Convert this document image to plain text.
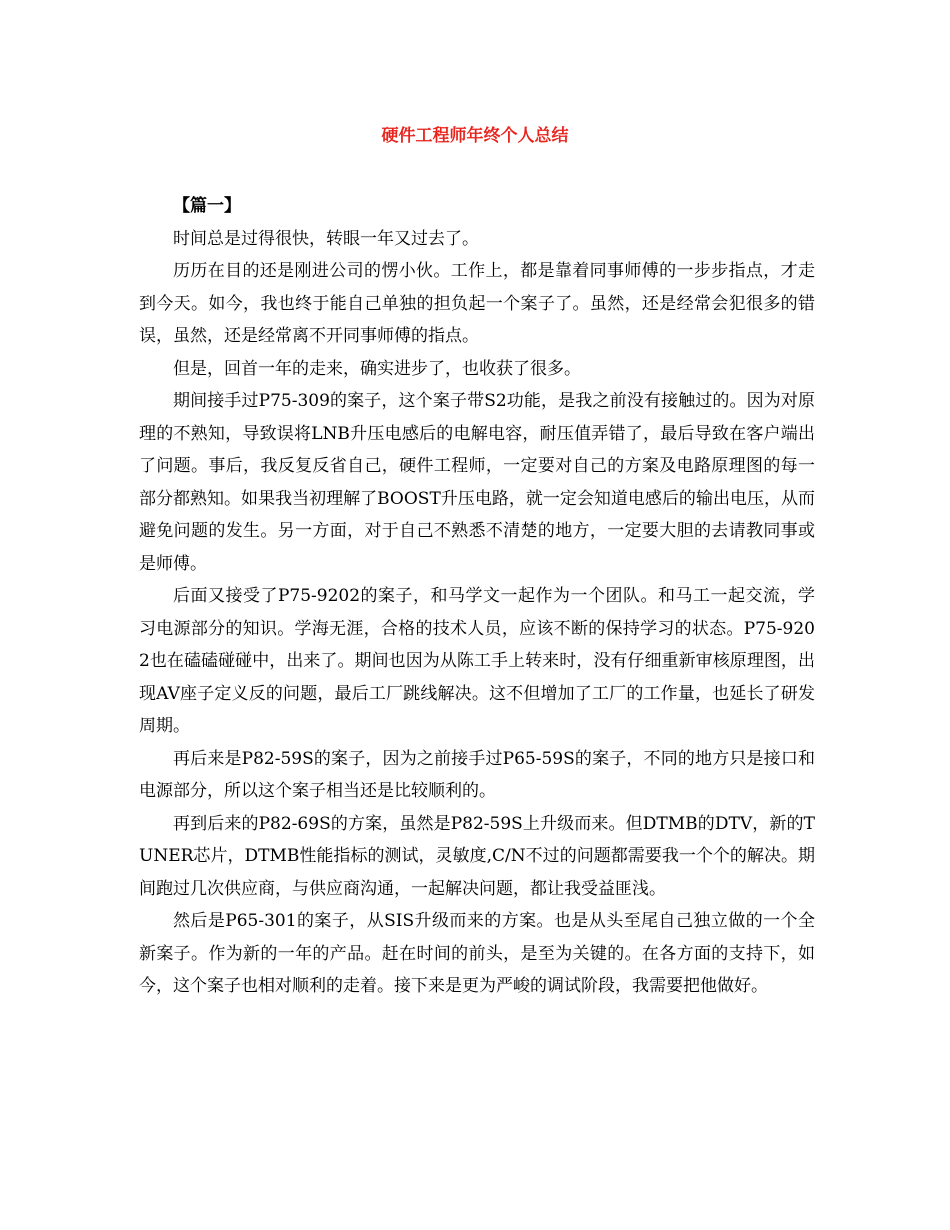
硬件工程师年终个人总结

【篇一】

时间总是过得很快，转眼一年又过去了。

历历在目的还是刚进公司的愣小伙。工作上，都是靠着同事师傅的一步步指点，才走到今天。如今，我也终于能自己单独的担负起一个案子了。虽然，还是经常会犯很多的错误，虽然，还是经常离不开同事师傅的指点。

但是，回首一年的走来，确实进步了，也收获了很多。

期间接手过P75-309的案子，这个案子带S2功能，是我之前没有接触过的。因为对原理的不熟知，导致误将LNB升压电感后的电解电容，耐压值弄错了，最后导致在客户端出了问题。事后，我反复反省自己，硬件工程师，一定要对自己的方案及电路原理图的每一部分都熟知。如果我当初理解了BOOST升压电路，就一定会知道电感后的输出电压，从而避免问题的发生。另一方面，对于自己不熟悉不清楚的地方，一定要大胆的去请教同事或是师傅。

后面又接受了P75-9202的案子，和马学文一起作为一个团队。和马工一起交流，学习电源部分的知识。学海无涯，合格的技术人员，应该不断的保持学习的状态。P75-9202也在磕磕碰碰中，出来了。期间也因为从陈工手上转来时，没有仔细重新审核原理图，出现AV座子定义反的问题，最后工厂跳线解决。这不但增加了工厂的工作量，也延长了研发周期。

再后来是P82-59S的案子，因为之前接手过P65-59S的案子，不同的地方只是接口和电源部分，所以这个案子相当还是比较顺利的。

再到后来的P82-69S的方案，虽然是P82-59S上升级而来。但DTMB的DTV，新的TUNER芯片，DTMB性能指标的测试，灵敏度,C/N不过的问题都需要我一个个的解决。期间跑过几次供应商，与供应商沟通，一起解决问题，都让我受益匪浅。

然后是P65-301的案子，从SIS升级而来的方案。也是从头至尾自己独立做的一个全新案子。作为新的一年的产品。赶在时间的前头，是至为关键的。在各方面的支持下，如今，这个案子也相对顺利的走着。接下来是更为严峻的调试阶段，我需要把他做好。
